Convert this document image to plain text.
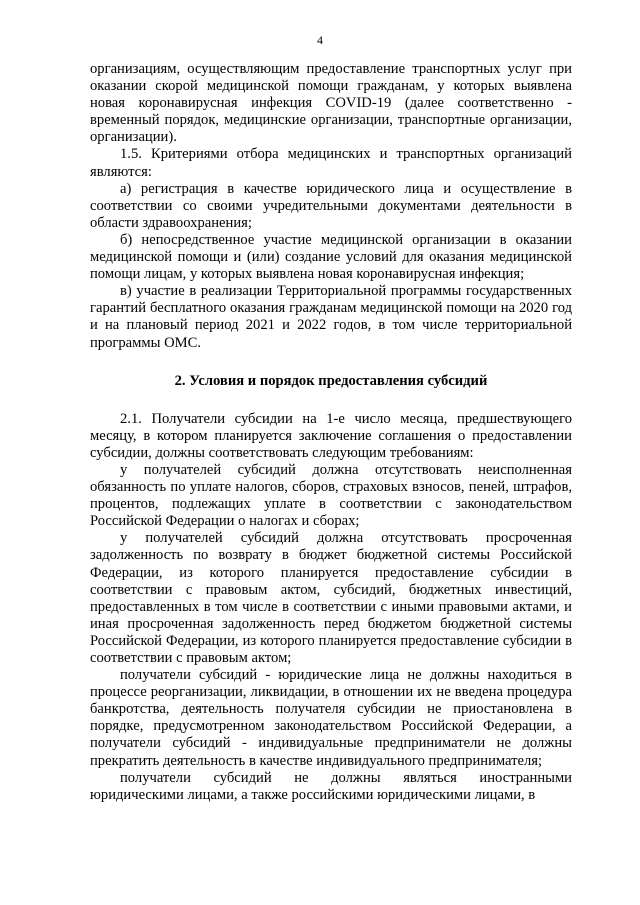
4

организациям, осуществляющим предоставление транспортных услуг при оказании скорой медицинской помощи гражданам, у которых выявлена новая коронавирусная инфекция COVID-19 (далее соответственно - временный порядок, медицинские организации, транспортные организации, организации).

1.5. Критериями отбора медицинских и транспортных организаций являются:

а) регистрация в качестве юридического лица и осуществление в соответствии со своими учредительными документами деятельности в области здравоохранения;

б) непосредственное участие медицинской организации в оказании медицинской помощи и (или) создание условий для оказания медицинской помощи лицам, у которых выявлена новая коронавирусная инфекция;

в) участие в реализации Территориальной программы государственных гарантий бесплатного оказания гражданам медицинской помощи на 2020 год и на плановый период 2021 и 2022 годов, в том числе территориальной программы ОМС.

2. Условия и порядок предоставления субсидий

2.1. Получатели субсидии на 1-е число месяца, предшествующего месяцу, в котором планируется заключение соглашения о предоставлении субсидии, должны соответствовать следующим требованиям:

у получателей субсидий должна отсутствовать неисполненная обязанность по уплате налогов, сборов, страховых взносов, пеней, штрафов, процентов, подлежащих уплате в соответствии с законодательством Российской Федерации о налогах и сборах;

у получателей субсидий должна отсутствовать просроченная задолженность по возврату в бюджет бюджетной системы Российской Федерации, из которого планируется предоставление субсидии в соответствии с правовым актом, субсидий, бюджетных инвестиций, предоставленных в том числе в соответствии с иными правовыми актами, и иная просроченная задолженность перед бюджетом бюджетной системы Российской Федерации, из которого планируется предоставление субсидии в соответствии с правовым актом;

получатели субсидий - юридические лица не должны находиться в процессе реорганизации, ликвидации, в отношении их не введена процедура банкротства, деятельность получателя субсидии не приостановлена в порядке, предусмотренном законодательством Российской Федерации, а получатели субсидий - индивидуальные предприниматели не должны прекратить деятельность в качестве индивидуального предпринимателя;

получатели субсидий не должны являться иностранными юридическими лицами, а также российскими юридическими лицами, в
